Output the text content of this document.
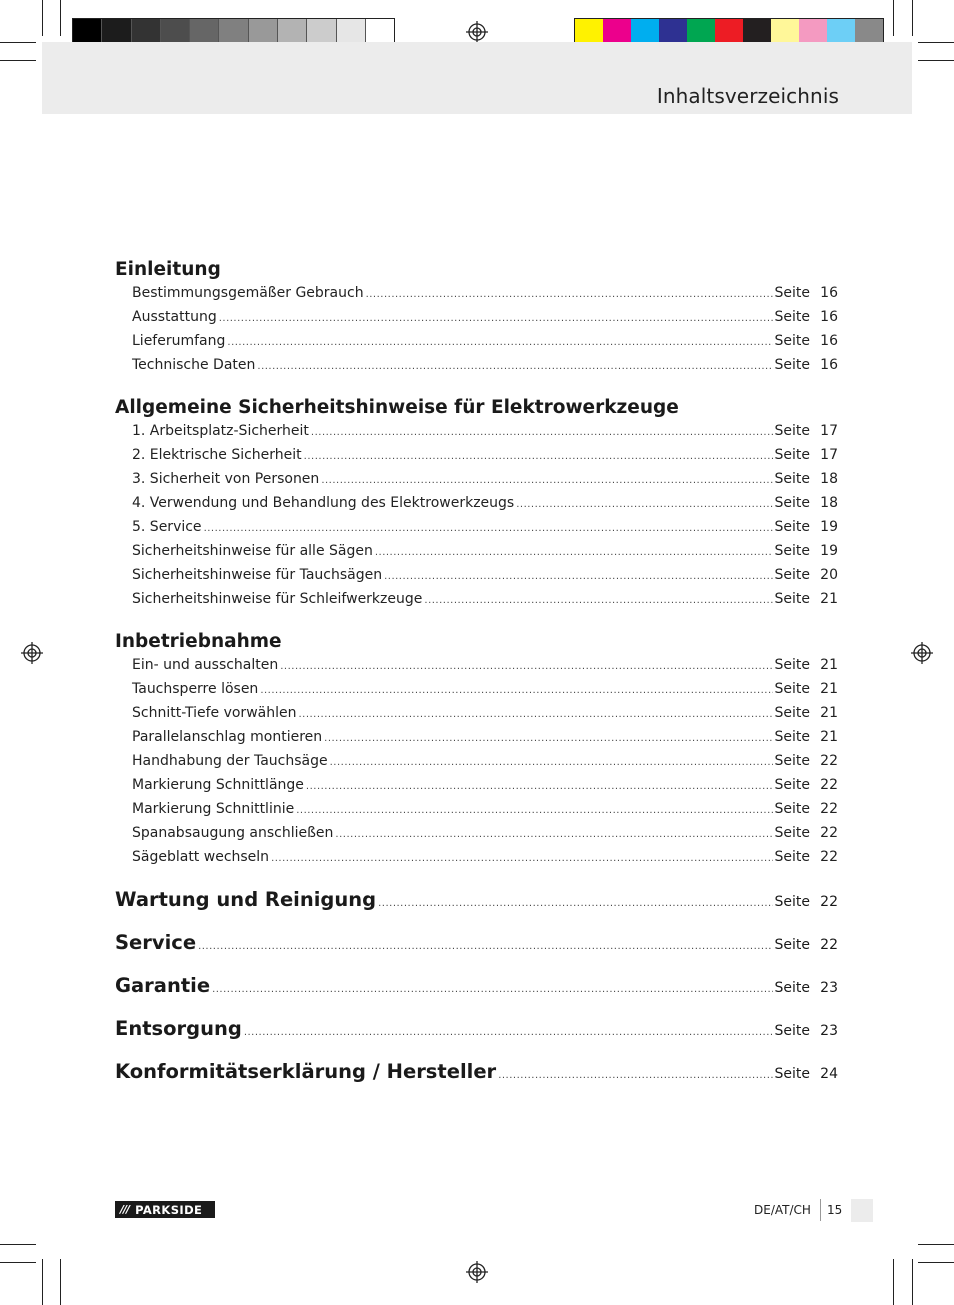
Inhaltsverzeichnis
Einleitung
Bestimmungsgemäßer Gebrauch .....	Seite 16
Ausstattung .....	Seite 16
Lieferumfang .....	Seite 16
Technische Daten .....	Seite 16
Allgemeine Sicherheitshinweise für Elektrowerkzeuge
1. Arbeitsplatz-Sicherheit .....	Seite 17
2. Elektrische Sicherheit .....	Seite 17
3. Sicherheit von Personen .....	Seite 18
4. Verwendung und Behandlung des Elektrowerkzeugs .....	Seite 18
5. Service .....	Seite 19
Sicherheitshinweise für alle Sägen .....	Seite 19
Sicherheitshinweise für Tauchsägen .....	Seite 20
Sicherheitshinweise für Schleifwerkzeuge .....	Seite 21
Inbetriebnahme
Ein- und ausschalten .....	Seite 21
Tauchsperre lösen .....	Seite 21
Schnitt-Tiefe vorwählen .....	Seite 21
Parallelanschlag montieren .....	Seite 21
Handhabung der Tauchsäge .....	Seite 22
Markierung Schnittlänge .....	Seite 22
Markierung Schnittlinie .....	Seite 22
Spanabsaugung anschließen .....	Seite 22
Sägeblatt wechseln .....	Seite 22
Wartung und Reinigung .....	Seite 22
Service .....	Seite 22
Garantie .....	Seite 23
Entsorgung .....	Seite 23
Konformitätserklärung / Hersteller .....	Seite 24
/// PARKSIDE	DE/AT/CH 15
